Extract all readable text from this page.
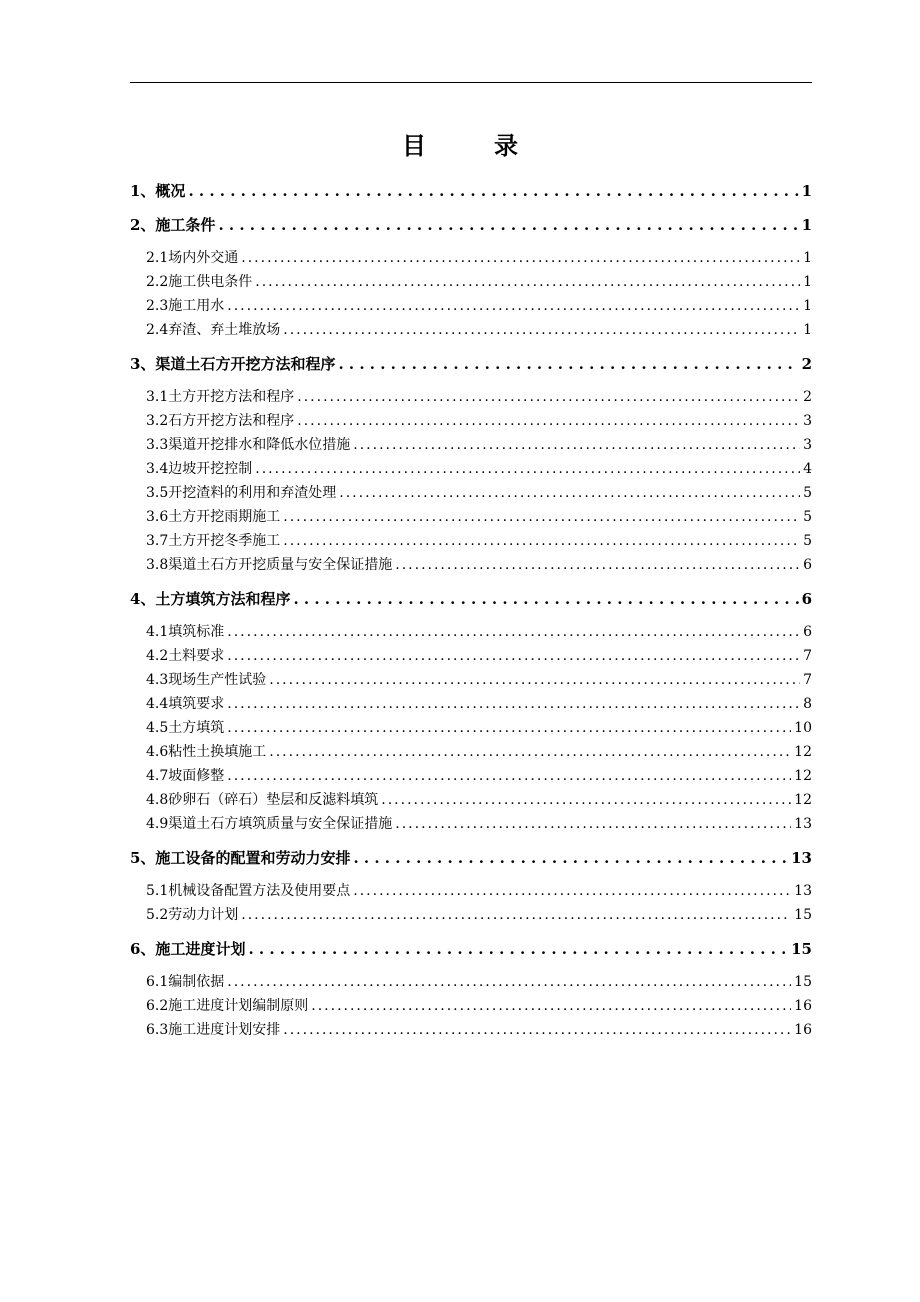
目　录
1、概况 . . .	1
2、施工条件 . . .	1
2.1场内外交通 .....	1
2.2施工供电条件 .....	1
2.3施工用水 .....	1
2.4弃渣、弃土堆放场 .....	1
3、渠道土石方开挖方法和程序 . . .	2
3.1土方开挖方法和程序 .....	2
3.2石方开挖方法和程序 .....	3
3.3渠道开挖排水和降低水位措施 .....	3
3.4边坡开挖控制 .....	4
3.5开挖渣料的利用和弃渣处理 .....	5
3.6土方开挖雨期施工 .....	5
3.7土方开挖冬季施工 .....	5
3.8渠道土石方开挖质量与安全保证措施 .....	6
4、土方填筑方法和程序 . . .	6
4.1填筑标准 .....	6
4.2土料要求 .....	7
4.3现场生产性试验 .....	7
4.4填筑要求 .....	8
4.5土方填筑 .....	10
4.6粘性土换填施工 .....	12
4.7坡面修整 .....	12
4.8砂卵石（碎石）垫层和反滤料填筑 .....	12
4.9渠道土石方填筑质量与安全保证措施 .....	13
5、施工设备的配置和劳动力安排 . . .	13
5.1机械设备配置方法及使用要点 .....	13
5.2劳动力计划 .....	15
6、施工进度计划 . . .	15
6.1编制依据 .....	15
6.2施工进度计划编制原则 .....	16
6.3施工进度计划安排 .....	16
